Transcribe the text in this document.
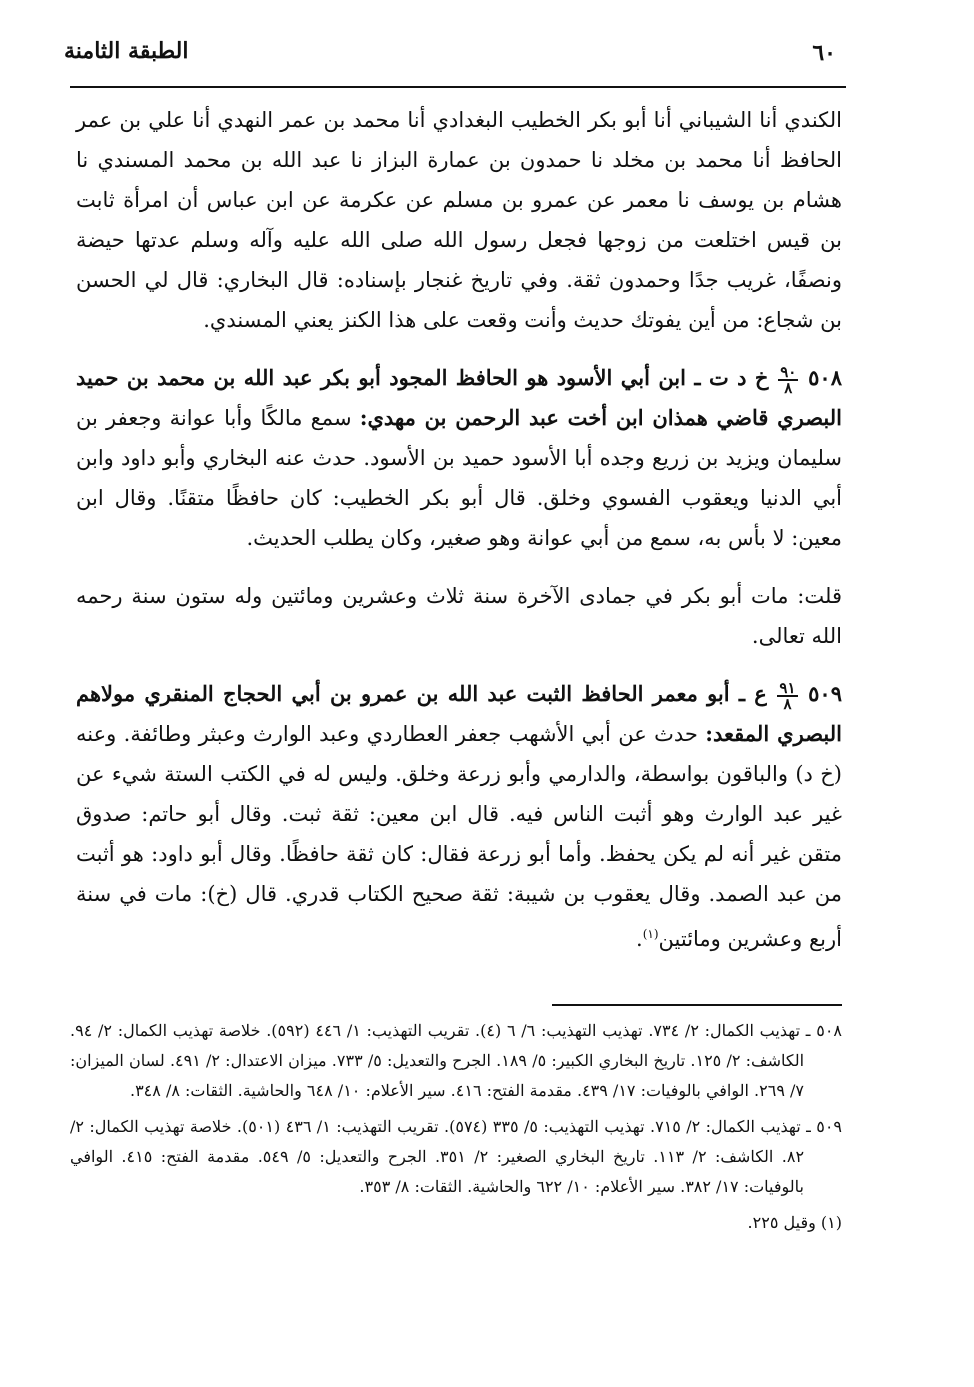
٦٠
الطبقة الثامنة

الكندي أنا الشيباني أنا أبو بكر الخطيب البغدادي أنا محمد بن عمر النهدي أنا علي بن عمر الحافظ أنا محمد بن مخلد نا حمدون بن عمارة البزاز نا عبد الله بن محمد المسندي نا هشام بن يوسف نا معمر عن عمرو بن مسلم عن عكرمة عن ابن عباس أن امرأة ثابت بن قيس اختلعت من زوجها فجعل رسول الله صلى الله عليه وآله وسلم عدتها حيضة ونصفًا، غريب جدًا وحمدون ثقة. وفي تاريخ غنجار بإسناده: قال البخاري: قال لي الحسن بن شجاع: من أين يفوتك حديث وأنت وقعت على هذا الكنز يعني المسندي.

٥٠٨
$\frac{٩٠}{٨}$
خ د ت ـ ابن أبي الأسود هو الحافظ المجود أبو بكر عبد الله بن محمد بن حميد البصري قاضي همذان ابن أخت عبد الرحمن بن مهدي: سمع مالكًا وأبا عوانة وجعفر بن سليمان ويزيد بن زريع وجده أبا الأسود حميد بن الأسود. حدث عنه البخاري وأبو داود وابن أبي الدنيا ويعقوب الفسوي وخلق. قال أبو بكر الخطيب: كان حافظًا متقنًا. وقال ابن معين: لا بأس به، سمع من أبي عوانة وهو صغير، وكان يطلب الحديث.

قلت: مات أبو بكر في جمادى الآخرة سنة ثلاث وعشرين ومائتين وله ستون سنة رحمه الله تعالى.

٥٠٩
$\frac{٩١}{٨}$
ع ـ أبو معمر الحافظ الثبت عبد الله بن عمرو بن أبي الحجاج المنقري مولاهم البصري المقعد: حدث عن أبي الأشهب جعفر العطاردي وعبد الوارث وعبثر وطائفة. وعنه (خ د) والباقون بواسطة، والدارمي وأبو زرعة وخلق. وليس له في الكتب الستة شيء عن غير عبد الوارث وهو أثبت الناس فيه. قال ابن معين: ثقة ثبت. وقال أبو حاتم: صدوق متقن غير أنه لم يكن يحفظ. وأما أبو زرعة فقال: كان ثقة حافظًا. وقال أبو داود: هو أثبت من عبد الصمد. وقال يعقوب بن شيبة: ثقة صحيح الكتاب قدري. قال (خ): مات في سنة أربع وعشرين ومائتين$^{(١)}$.

٥٠٨ ـ تهذيب الكمال: ٢/ ٧٣٤. تهذيب التهذيب: ٦/ ٦ (٤). تقريب التهذيب: ١/ ٤٤٦ (٥٩٢). خلاصة تهذيب الكمال: ٢/ ٩٤. الكاشف: ٢/ ١٢٥. تاريخ البخاري الكبير: ٥/ ١٨٩. الجرح والتعديل: ٥/ ٧٣٣. ميزان الاعتدال: ٢/ ٤٩١. لسان الميزان: ٧/ ٢٦٩. الوافي بالوفيات: ١٧/ ٤٣٩. مقدمة الفتح: ٤١٦. سير الأعلام: ١٠/ ٦٤٨ والحاشية. الثقات: ٨/ ٣٤٨.

٥٠٩ ـ تهذيب الكمال: ٢/ ٧١٥. تهذيب التهذيب: ٥/ ٣٣٥ (٥٧٤). تقريب التهذيب: ١/ ٤٣٦ (٥٠١). خلاصة تهذيب الكمال: ٢/ ٨٢. الكاشف: ٢/ ١١٣. تاريخ البخاري الصغير: ٢/ ٣٥١. الجرح والتعديل: ٥/ ٥٤٩. مقدمة الفتح: ٤١٥. الوافي بالوفيات: ١٧/ ٣٨٢. سير الأعلام: ١٠/ ٦٢٢ والحاشية. الثقات: ٨/ ٣٥٣.

(١) وقيل ٢٢٥.
